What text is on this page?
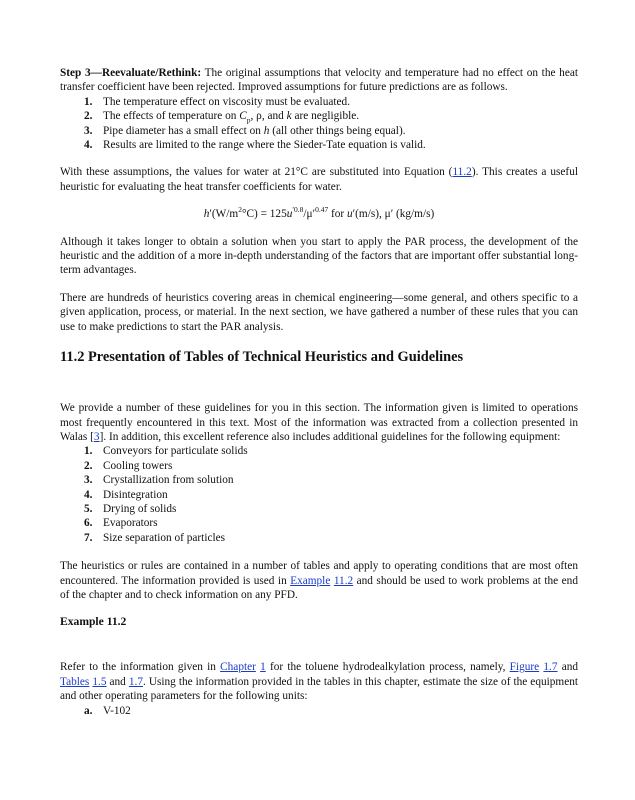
Step 3—Reevaluate/Rethink: The original assumptions that velocity and temperature had no effect on the heat transfer coefficient have been rejected. Improved assumptions for future predictions are as follows.

1. The temperature effect on viscosity must be evaluated.
2. The effects of temperature on $C_p$, ρ, and k are negligible.
3. Pipe diameter has a small effect on h (all other things being equal).
4. Results are limited to the range where the Sieder-Tate equation is valid.

With these assumptions, the values for water at 21°C are substituted into Equation (11.2). This creates a useful heuristic for evaluating the heat transfer coefficients for water.

$h'(W/m^2^\circ C) = 125u^{'0.8}/\mu'^{0.47}$ for u′(m/s), μ′ (kg/m/s)

Although it takes longer to obtain a solution when you start to apply the PAR process, the development of the heuristic and the addition of a more in-depth understanding of the factors that are important offer substantial long-term advantages.

There are hundreds of heuristics covering areas in chemical engineering—some general, and others specific to a given application, process, or material. In the next section, we have gathered a number of these rules that you can use to make predictions to start the PAR analysis.

11.2 Presentation of Tables of Technical Heuristics and Guidelines

We provide a number of these guidelines for you in this section. The information given is limited to operations most frequently encountered in this text. Most of the information was extracted from a collection presented in Walas [3]. In addition, this excellent reference also includes additional guidelines for the following equipment:

1. Conveyors for particulate solids
2. Cooling towers
3. Crystallization from solution
4. Disintegration
5. Drying of solids
6. Evaporators
7. Size separation of particles

The heuristics or rules are contained in a number of tables and apply to operating conditions that are most often encountered. The information provided is used in Example 11.2 and should be used to work problems at the end of the chapter and to check information on any PFD.

Example 11.2

Refer to the information given in Chapter 1 for the toluene hydrodealkylation process, namely, Figure 1.7 and Tables 1.5 and 1.7. Using the information provided in the tables in this chapter, estimate the size of the equipment and other operating parameters for the following units:

a. V-102
